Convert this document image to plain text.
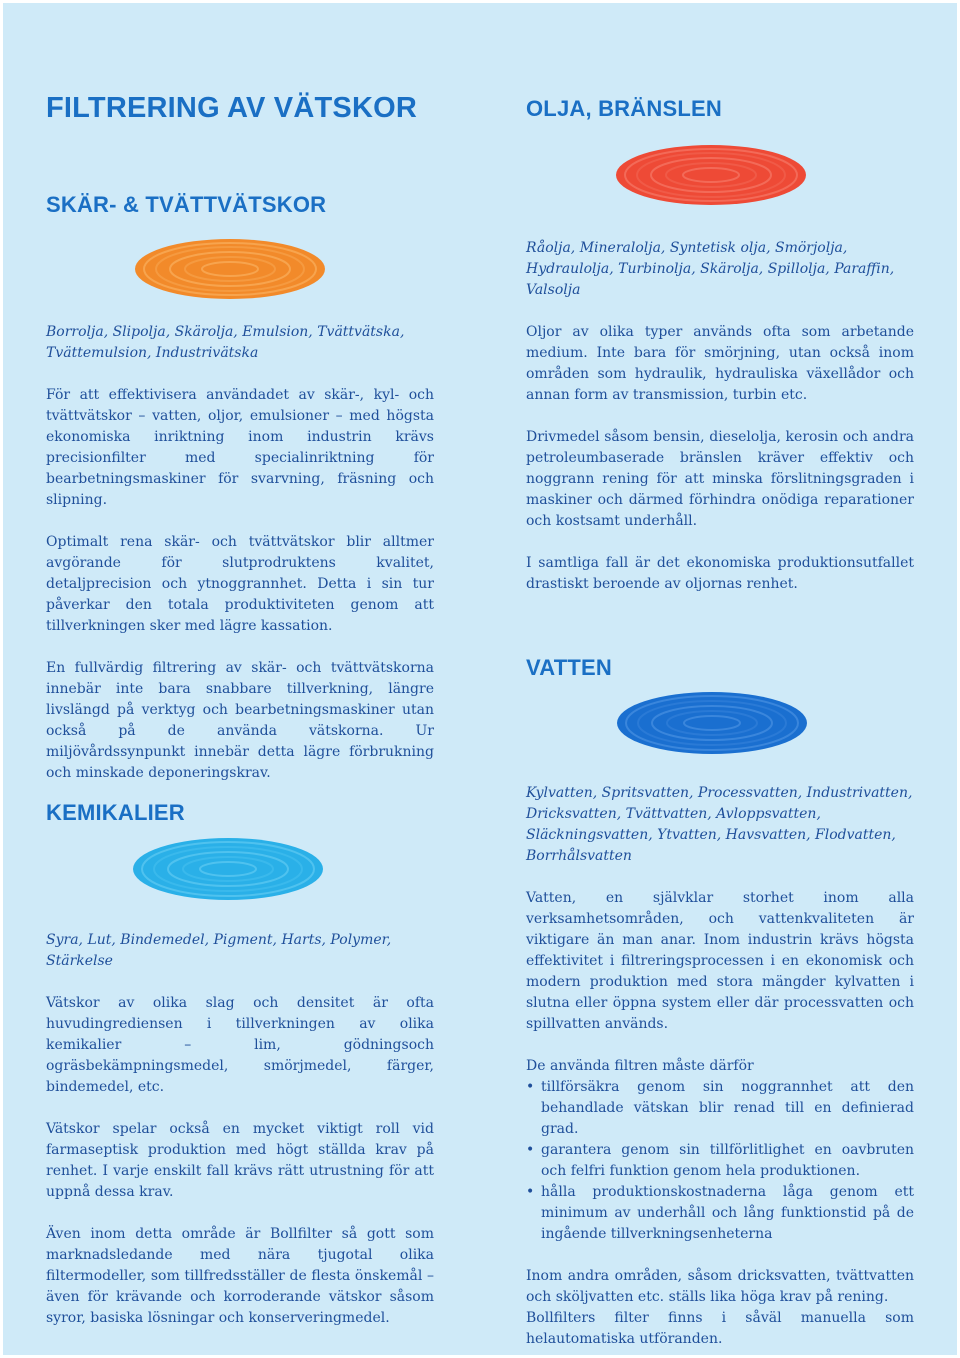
FILTRERING AV VÄTSKOR
SKÄR- & TVÄTTVÄTSKOR

Borrolja, Slipolja, Skärolja, Emulsion, Tvättvätska, Tvättemulsion, Industrivätska

För att effektivisera användadet av skär-, kyl- och tvättvätskor – vatten, oljor, emulsioner – med högsta ekonomiska inriktning inom industrin krävs precisionfilter med specialinriktning för bearbetningsmaskiner för svarvning, fräsning och slipning.

Optimalt rena skär- och tvättvätskor blir alltmer avgörande för slutprodruktens kvalitet, detaljprecision och ytnoggrannhet. Detta i sin tur påverkar den totala produktiviteten genom att tillverkningen sker med lägre kassation.

En fullvärdig filtrering av skär- och tvättvätskorna innebär inte bara snabbare tillverkning, längre livslängd på verktyg och bearbetningsmaskiner utan också på de använda vätskorna. Ur miljövårdssynpunkt innebär detta lägre förbrukning och minskade deponeringskrav.

KEMIKALIER

Syra, Lut, Bindemedel, Pigment, Harts, Polymer, Stärkelse

Vätskor av olika slag och densitet är ofta huvudingrediensen i tillverkningen av olika kemikalier – lim, gödningsoch ogräsbekämpningsmedel, smörjmedel, färger, bindemedel, etc.

Vätskor spelar också en mycket viktigt roll vid farmaseptisk produktion med högt ställda krav på renhet. I varje enskilt fall krävs rätt utrustning för att uppnå dessa krav.

Även inom detta område är Bollfilter så gott som marknadsledande med nära tjugotal olika filtermodeller, som tillfredsställer de flesta önskemål – även för krävande och korroderande vätskor såsom syror, basiska lösningar och konserveringmedel.

OLJA, BRÄNSLEN

Råolja, Mineralolja, Syntetisk olja, Smörjolja, Hydraulolja, Turbinolja, Skärolja, Spillolja, Paraffin, Valsolja

Oljor av olika typer används ofta som arbetande medium. Inte bara för smörjning, utan också inom områden som hydraulik, hydrauliska växellådor och annan form av transmission, turbin etc.

Drivmedel såsom bensin, dieselolja, kerosin och andra petroleumbaserade bränslen kräver effektiv och noggrann rening för att minska förslitningsgraden i maskiner och därmed förhindra onödiga reparationer och kostsamt underhåll.

I samtliga fall är det ekonomiska produktionsutfallet drastiskt beroende av oljornas renhet.

VATTEN

Kylvatten, Spritsvatten, Processvatten, Industrivatten, Dricksvatten, Tvättvatten, Avloppsvatten, Släckningsvatten, Ytvatten, Havsvatten, Flodvatten, Borrhålsvatten

Vatten, en självklar storhet inom alla verksamhetsområden, och vattenkvaliteten är viktigare än man anar. Inom industrin krävs högsta effektivitet i filtreringsprocessen i en ekonomisk och modern produktion med stora mängder kylvatten i slutna eller öppna system eller där processvatten och spillvatten används.

De använda filtren måste därför

• tillförsäkra genom sin noggrannhet att den behandlade vätskan blir renad till en definierad grad.
• garantera genom sin tillförlitlighet en oavbruten och felfri funktion genom hela produktionen.
• hålla produktionskostnaderna låga genom ett minimum av underhåll och lång funktionstid på de ingående tillverkningsenheterna

Inom andra områden, såsom dricksvatten, tvättvatten och sköljvatten etc. ställs lika höga krav på rening.

Bollfilters filter finns i såväl manuella som helautomatiska utföranden.
